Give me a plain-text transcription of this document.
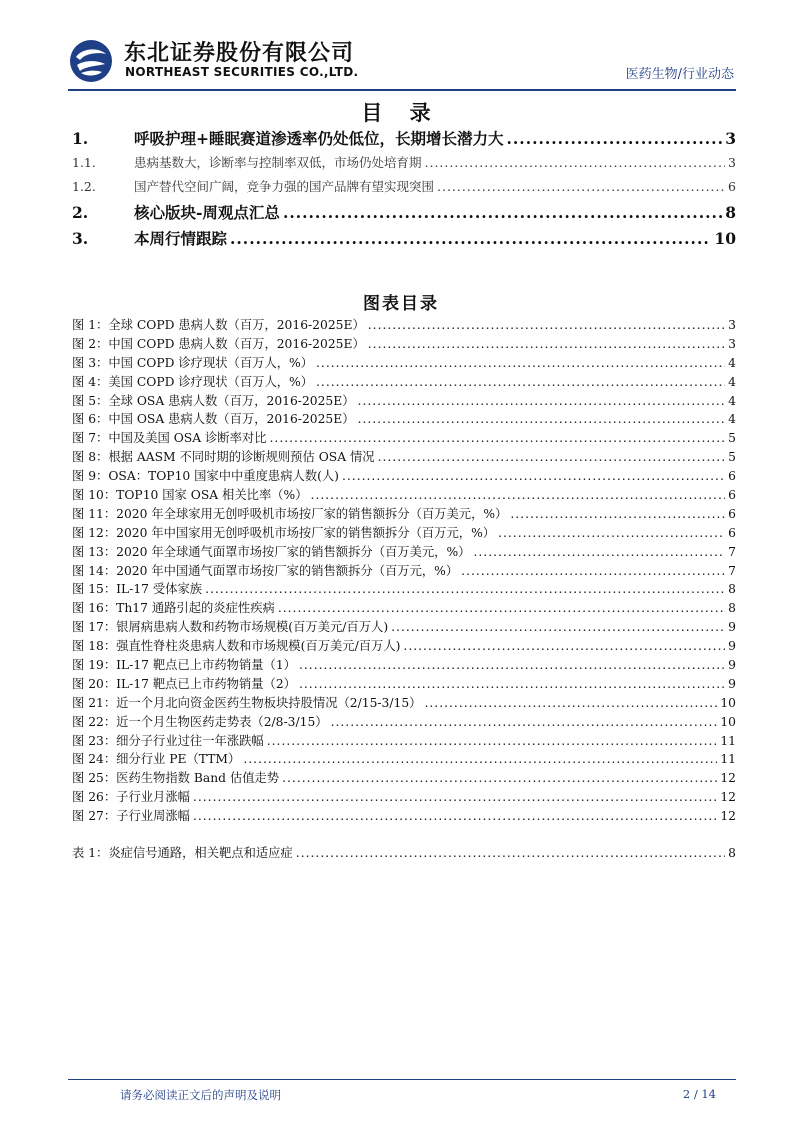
东北证券股份有限公司
NORTHEAST SECURITIES CO.,LTD.	医药生物/行业动态
目 录
1.	呼吸护理+睡眠赛道渗透率仍处低位，长期增长潜力大 .....	3
1.1.	患病基数大，诊断率与控制率双低，市场仍处培育期 .....	3
1.2.	国产替代空间广阔，竞争力强的国产品牌有望实现突围 .....	6
2.	核心版块-周观点汇总 .....	8
3.	本周行情跟踪 .....	10
图表目录
图 1：全球 COPD 患病人数（百万，2016-2025E） .....	3
图 2：中国 COPD 患病人数（百万，2016-2025E） .....	3
图 3：中国 COPD 诊疗现状（百万人，%） .....	4
图 4：美国 COPD 诊疗现状（百万人，%） .....	4
图 5：全球 OSA 患病人数（百万，2016-2025E） .....	4
图 6：中国 OSA 患病人数（百万，2016-2025E） .....	4
图 7：中国及美国 OSA 诊断率对比 .....	5
图 8：根据 AASM 不同时期的诊断规则预估 OSA 情况 .....	5
图 9：OSA：TOP10 国家中中重度患病人数(人) .....	6
图 10：TOP10 国家 OSA 相关比率（%） .....	6
图 11：2020 年全球家用无创呼吸机市场按厂家的销售额拆分（百万美元，%） .....	6
图 12：2020 年中国家用无创呼吸机市场按厂家的销售额拆分（百万元，%） .....	6
图 13：2020 年全球通气面罩市场按厂家的销售额拆分（百万美元，%） .....	7
图 14：2020 年中国通气面罩市场按厂家的销售额拆分（百万元，%） .....	7
图 15：IL-17 受体家族 .....	8
图 16：Th17 通路引起的炎症性疾病 .....	8
图 17：银屑病患病人数和药物市场规模(百万美元/百万人) .....	9
图 18：强直性脊柱炎患病人数和市场规模(百万美元/百万人) .....	9
图 19：IL-17 靶点已上市药物销量（1） .....	9
图 20：IL-17 靶点已上市药物销量（2） .....	9
图 21：近一个月北向资金医药生物板块持股情况（2/15-3/15） .....	10
图 22：近一个月生物医药走势表（2/8-3/15） .....	10
图 23：细分子行业过往一年涨跌幅 .....	11
图 24：细分行业 PE（TTM） .....	11
图 25：医药生物指数 Band 估值走势 .....	12
图 26：子行业月涨幅 .....	12
图 27：子行业周涨幅 .....	12
表 1：炎症信号通路，相关靶点和适应症 .....	8
请务必阅读正文后的声明及说明	2 / 14
